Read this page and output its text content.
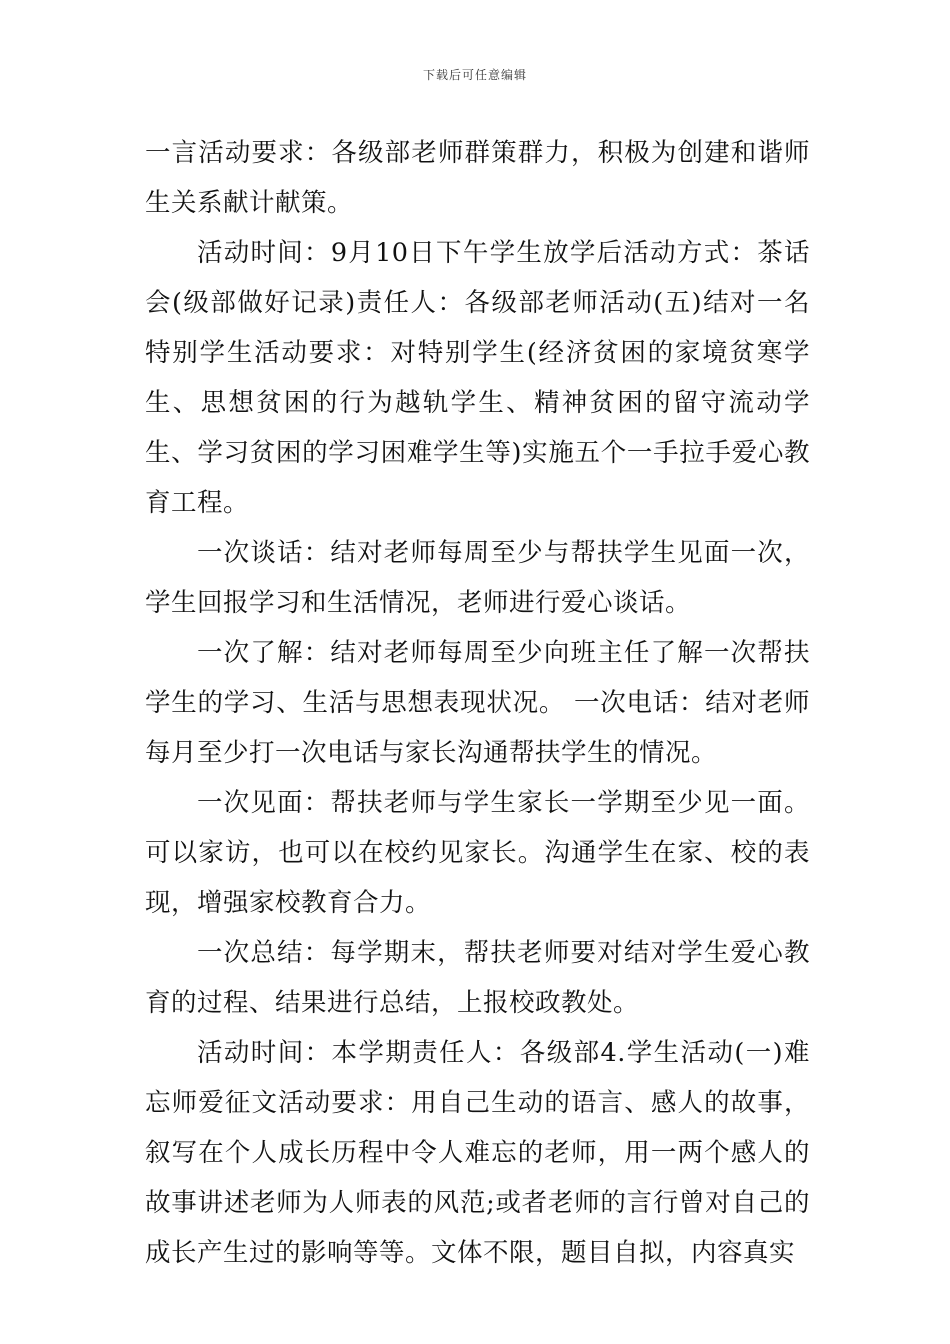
下载后可任意编辑

一言活动要求：各级部老师群策群力，积极为创建和谐师生关系献计献策。

活动时间：9月10日下午学生放学后活动方式：茶话会(级部做好记录)责任人：各级部老师活动(五)结对一名特别学生活动要求：对特别学生(经济贫困的家境贫寒学生、思想贫困的行为越轨学生、精神贫困的留守流动学生、学习贫困的学习困难学生等)实施五个一手拉手爱心教育工程。

一次谈话：结对老师每周至少与帮扶学生见面一次，学生回报学习和生活情况，老师进行爱心谈话。

一次了解：结对老师每周至少向班主任了解一次帮扶学生的学习、生活与思想表现状况。 一次电话：结对老师每月至少打一次电话与家长沟通帮扶学生的情况。

一次见面：帮扶老师与学生家长一学期至少见一面。可以家访，也可以在校约见家长。沟通学生在家、校的表现，增强家校教育合力。

一次总结：每学期末，帮扶老师要对结对学生爱心教育的过程、结果进行总结，上报校政教处。

活动时间：本学期责任人：各级部4.学生活动(一)难忘师爱征文活动要求：用自己生动的语言、感人的故事，叙写在个人成长历程中令人难忘的老师，用一两个感人的故事讲述老师为人师表的风范;或者老师的言行曾对自己的成长产生过的影响等等。文体不限，题目自拟，内容真实
